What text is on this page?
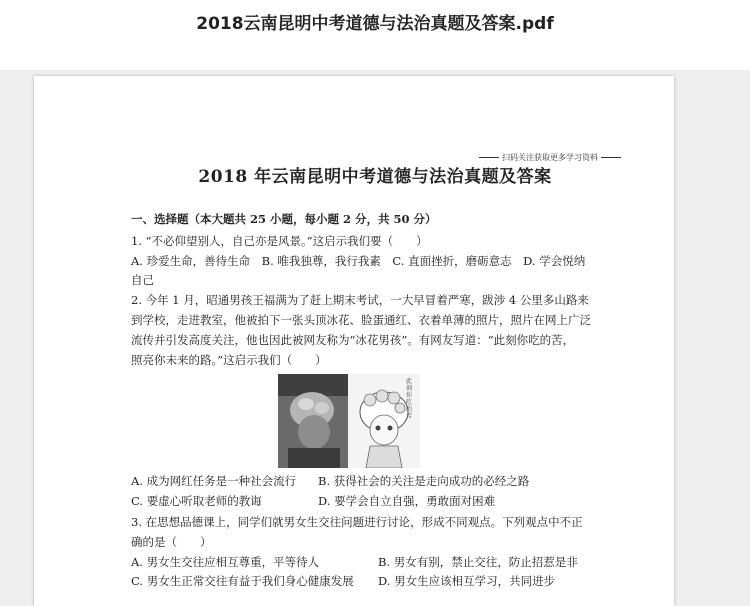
2018云南昆明中考道德与法治真题及答案.pdf
扫码关注获取更多学习资料
2018 年云南昆明中考道德与法治真题及答案
一、选择题（本大题共 25 小题，每小题 2 分，共 50 分）
1. “不必仰望别人，自己亦是风景。”这启示我们要（　　）
A. 珍爱生命，善待生命　B. 唯我独尊，我行我素　C. 直面挫折，磨砺意志　D. 学会悦纳
自己
2. 今年 1 月，昭通男孩王福满为了赶上期末考试，一大早冒着严寒，跋涉 4 公里多山路来
到学校，走进教室，他被拍下一张头顶冰花、脸蛋通红、衣着单薄的照片，照片在网上广泛
流传并引发高度关注，他也因此被网友称为“冰花男孩”。有网友写道：“此刻你吃的苦，
照亮你未来的路。”这启示我们（　　）
此刻你吃的苦
A. 成为网红任务是一种社会流行 B. 获得社会的关注是走向成功的必经之路
C. 要虚心听取老师的教诲	D. 要学会自立自强，勇敢面对困难
3. 在思想品德课上，同学们就男女生交往问题进行讨论，形成不同观点。下列观点中不正
确的是（　　）
A. 男女生交往应相互尊重，平等待人	B. 男女有别，禁止交往，防止招惹是非
C. 男女生正常交往有益于我们身心健康发展 D. 男女生应该相互学习，共同进步
